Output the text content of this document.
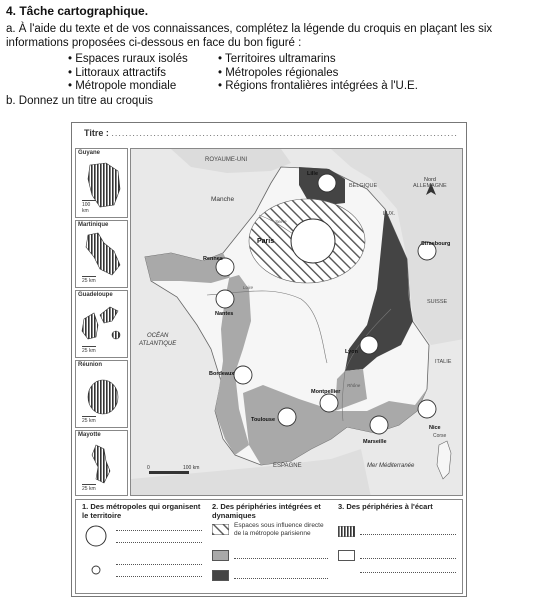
4. Tâche cartographique.

a. À l'aide du texte et de vos connaissances, complétez la légende du croquis en plaçant les six informations proposées ci-dessous en face du bon figuré :

• Espaces ruraux isolés	• Territoires ultramarins
• Littoraux attractifs	• Métropoles régionales
• Métropole mondiale	• Régions frontalières intégrées à l'U.E.

b. Donnez un titre au croquis

Titre : ...................................................................................................
Guyane
100 km
Martinique
25 km
Guadeloupe
25 km
Réunion
25 km
Mayotte
25 km
ROYAUME-UNI
Manche
BELGIQUE
LUX.
ALLEMAGNE
SUISSE
ITALIE
ESPAGNE
OCÉAN
ATLANTIQUE
Mer Méditerranée
Corse
Nord
0	100 km
Seine
Loire
Rhône
Paris
Lille
Strasbourg
Rennes
Nantes
Lyon
Bordeaux
Toulouse
Montpellier
Marseille
Nice
1. Des métropoles qui organisent le territoire
2. Des périphéries intégrées et dynamiques
3. Des périphéries à l'écart
Espaces sous influence directe de la métropole parisienne
